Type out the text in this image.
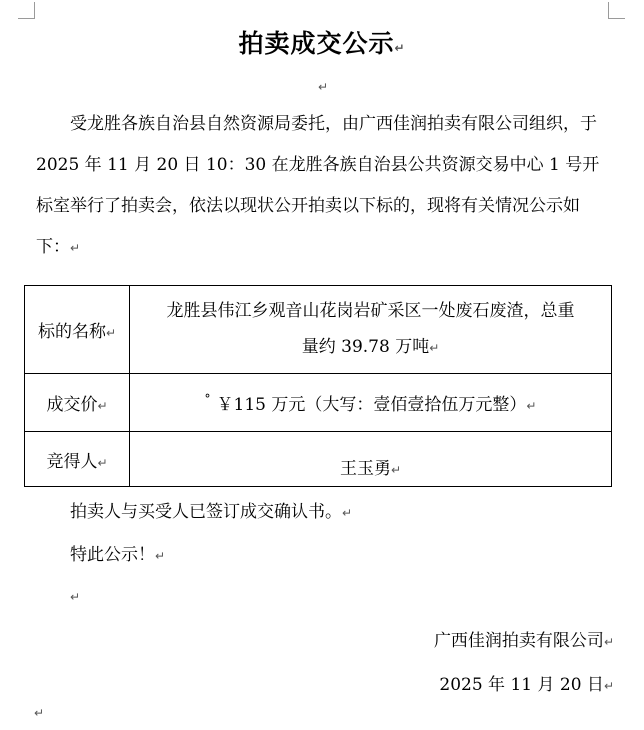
拍卖成交公示↵
↵
受龙胜各族自治县自然资源局委托，由广西佳润拍卖有限公司组织，于 2025 年 11 月 20 日 10：30 在龙胜各族自治县公共资源交易中心 1 号开标室举行了拍卖会，依法以现状公开拍卖以下标的，现将有关情况公示如下：↵
标的名称↵	龙胜县伟江乡观音山花岗岩矿采区一处废石废渣，总重
量约 39.78 万吨↵

成交价↵	° ￥115 万元（大写：壹佰壹拾伍万元整）↵
竞得人↵	王玉勇↵
拍卖人与买受人已签订成交确认书。↵
特此公示！↵
↵
广西佳润拍卖有限公司↵
2025 年 11 月 20 日↵
↵
